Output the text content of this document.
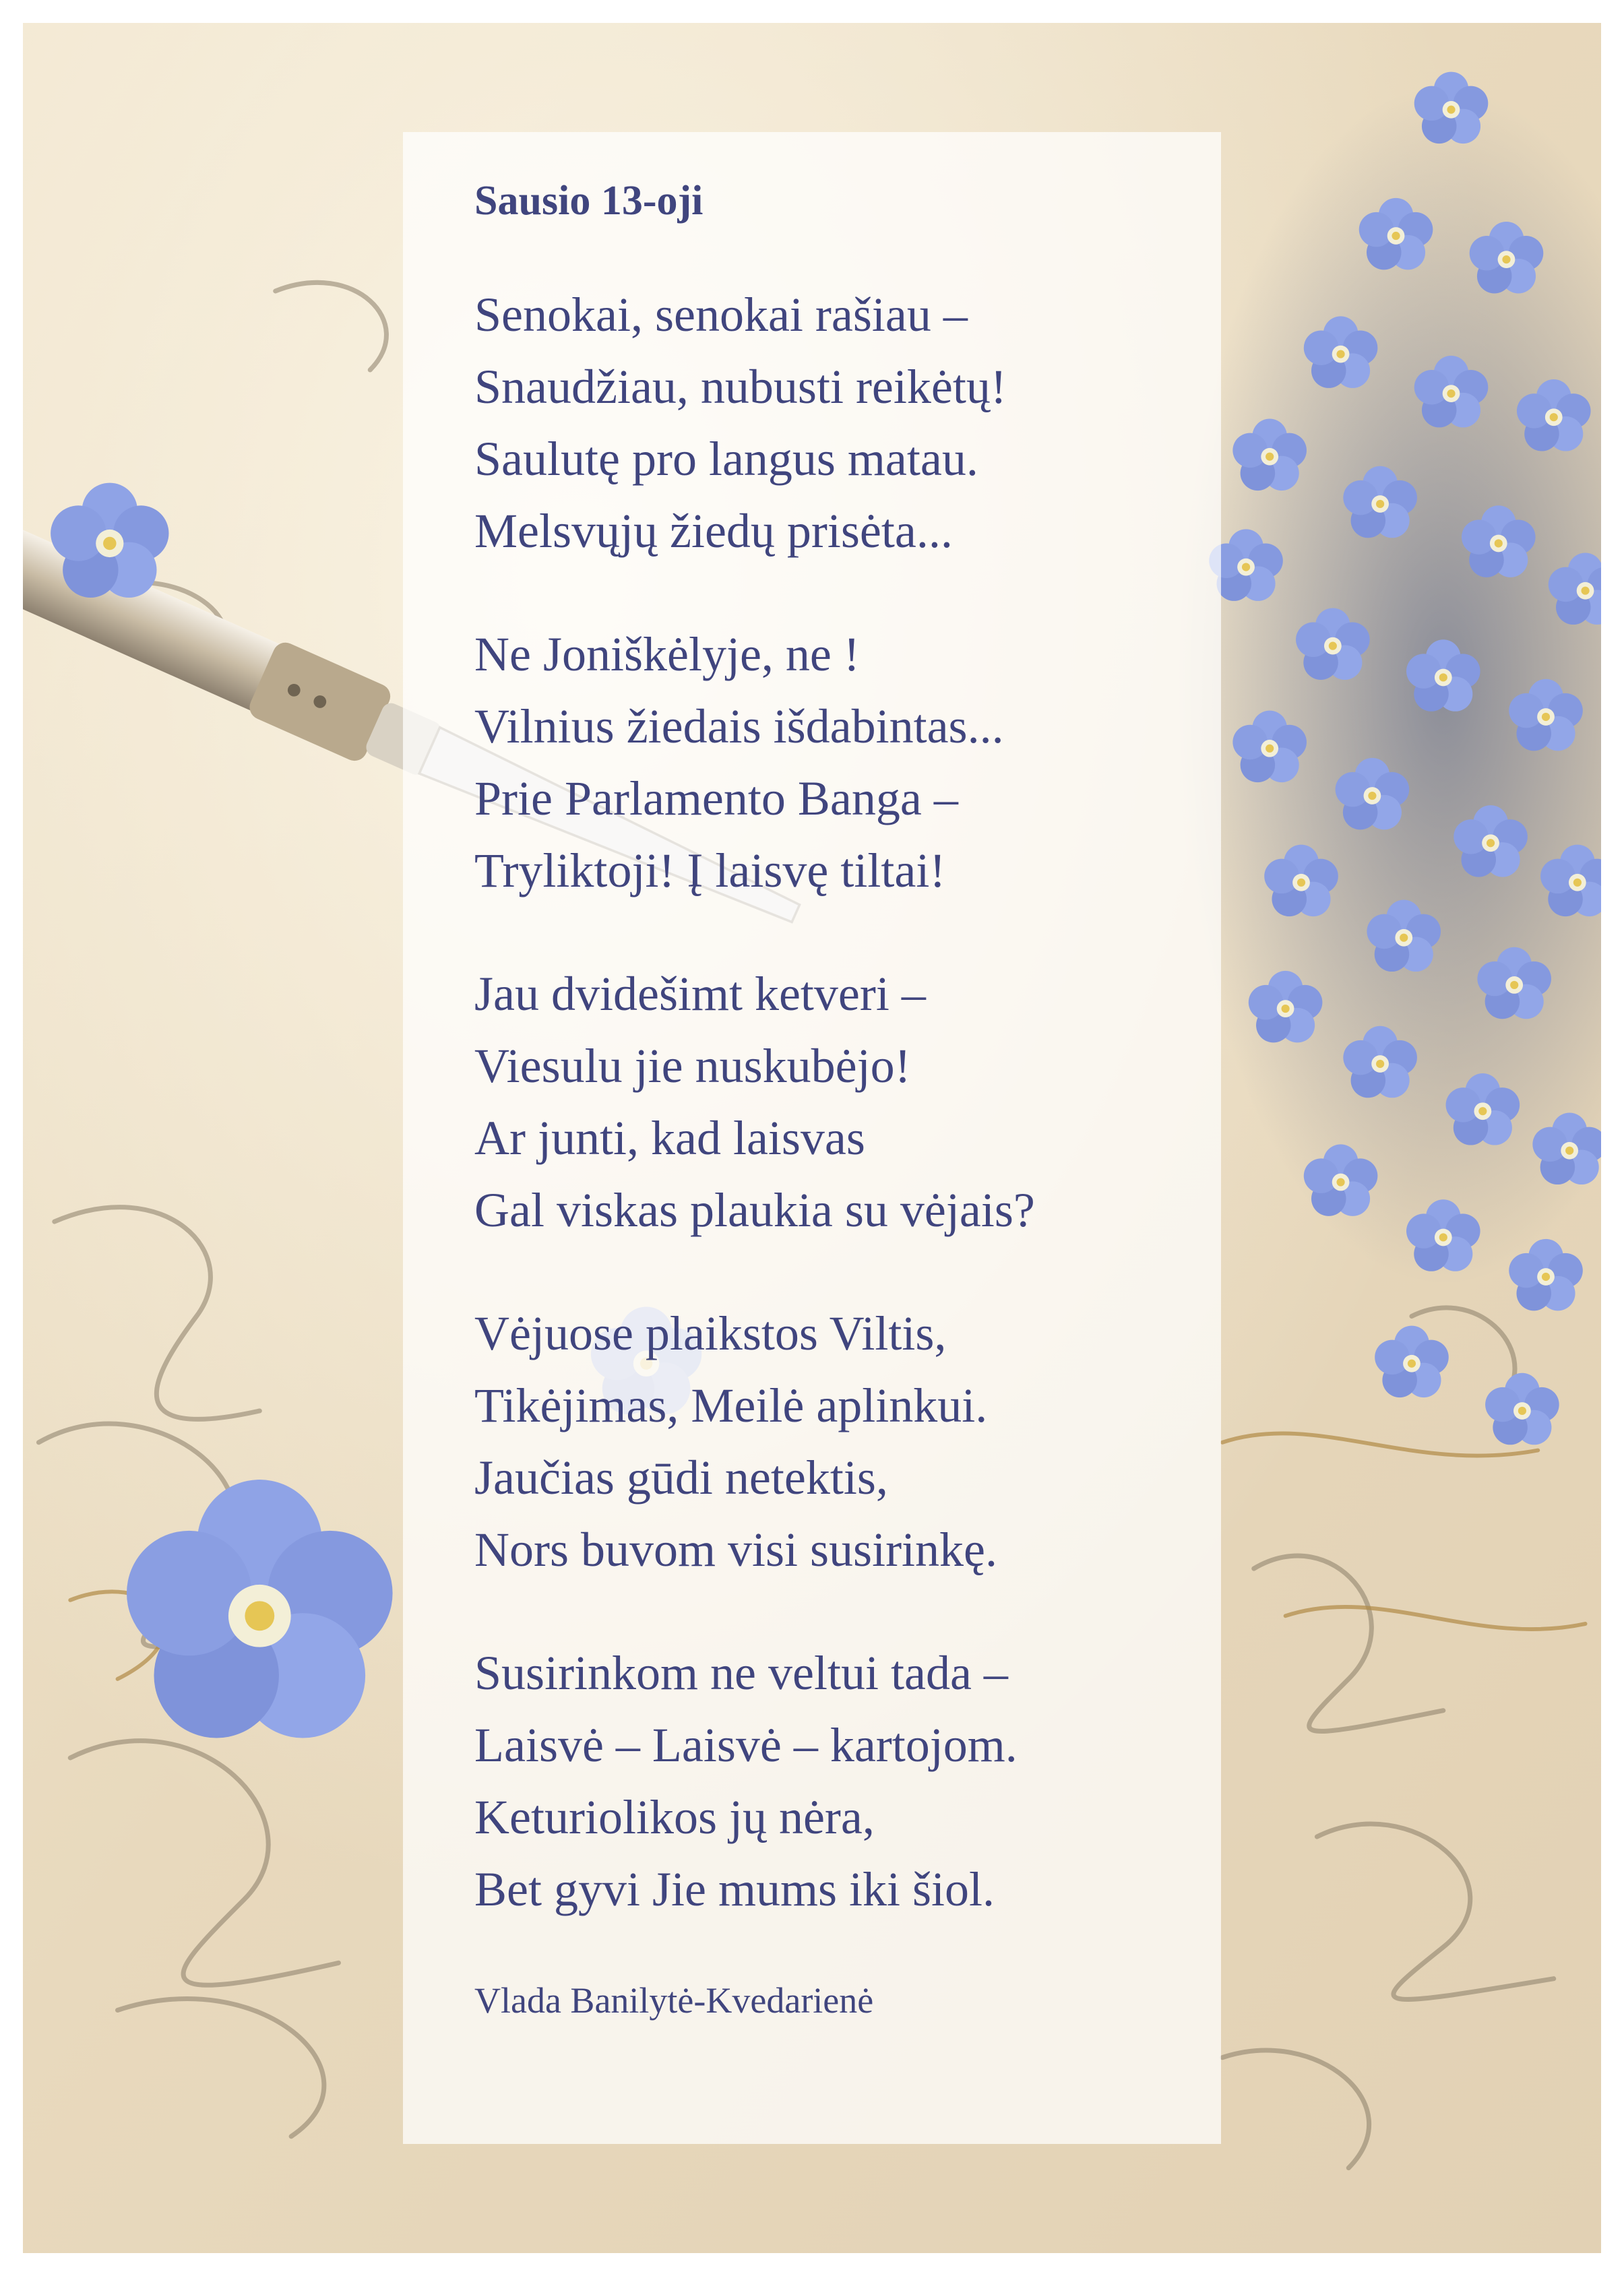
Sausio 13-oji
Senokai, senokai rašiau –
Snaudžiau, nubusti reikėtų!
Saulutę pro langus matau.
Melsvųjų žiedų prisėta...
Ne Joniškėlyje, ne !
Vilnius žiedais išdabintas...
Prie Parlamento Banga –
Tryliktoji! Į laisvę tiltai!
Jau dvidešimt ketveri –
Viesulu jie nuskubėjo!
Ar junti, kad laisvas
Gal viskas plaukia su vėjais?
Vėjuose plaikstos Viltis,
Tikėjimas, Meilė aplinkui.
Jaučias gūdi netektis,
Nors buvom visi susirinkę.
Susirinkom ne veltui tada –
Laisvė – Laisvė – kartojom.
Keturiolikos jų nėra,
Bet gyvi Jie mums iki šiol.
Vlada Banilytė-Kvedarienė
